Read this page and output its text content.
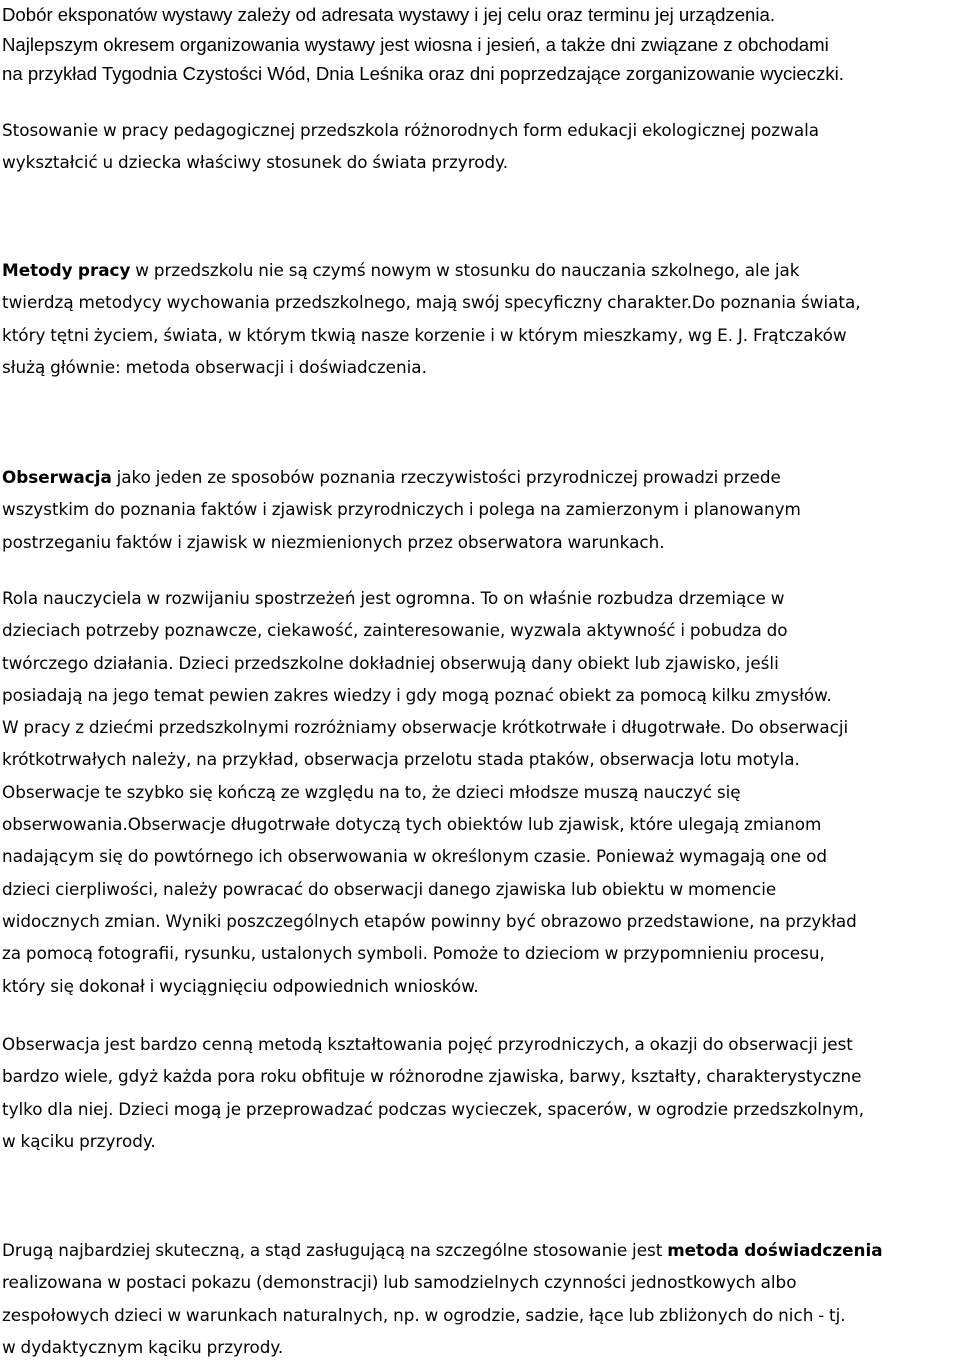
Dobór eksponatów wystawy zależy od adresata wystawy i jej celu oraz terminu jej urządzenia.
Najlepszym okresem organizowania wystawy jest wiosna i jesień, a także dni związane z obchodami
na przykład Tygodnia Czystości Wód, Dnia Leśnika oraz dni poprzedzające zorganizowanie wycieczki.

Stosowanie w pracy pedagogicznej przedszkola różnorodnych form edukacji ekologicznej pozwala
wykształcić u dziecka właściwy stosunek do świata przyrody.

Metody pracy w przedszkolu nie są czymś nowym w stosunku do nauczania szkolnego, ale jak
twierdzą metodycy wychowania przedszkolnego, mają swój specyficzny charakter.Do poznania świata,
który tętni życiem, świata, w którym tkwią nasze korzenie i w którym mieszkamy, wg E. J. Frątczaków
służą głównie: metoda obserwacji i doświadczenia.

Obserwacja jako jeden ze sposobów poznania rzeczywistości przyrodniczej prowadzi przede
wszystkim do poznania faktów i zjawisk przyrodniczych i polega na zamierzonym i planowanym
postrzeganiu faktów i zjawisk w niezmienionych przez obserwatora warunkach.

Rola nauczyciela w rozwijaniu spostrzeżeń jest ogromna. To on właśnie rozbudza drzemiące w
dzieciach potrzeby poznawcze, ciekawość, zainteresowanie, wyzwala aktywność i pobudza do
twórczego działania. Dzieci przedszkolne dokładniej obserwują dany obiekt lub zjawisko, jeśli
posiadają na jego temat pewien zakres wiedzy i gdy mogą poznać obiekt za pomocą kilku zmysłów.
W pracy z dziećmi przedszkolnymi rozróżniamy obserwacje krótkotrwałe i długotrwałe. Do obserwacji
krótkotrwałych należy, na przykład, obserwacja przelotu stada ptaków, obserwacja lotu motyla.
Obserwacje te szybko się kończą ze względu na to, że dzieci młodsze muszą nauczyć się
obserwowania.Obserwacje długotrwałe dotyczą tych obiektów lub zjawisk, które ulegają zmianom
nadającym się do powtórnego ich obserwowania w określonym czasie. Ponieważ wymagają one od
dzieci cierpliwości, należy powracać do obserwacji danego zjawiska lub obiektu w momencie
widocznych zmian. Wyniki poszczególnych etapów powinny być obrazowo przedstawione, na przykład
za pomocą fotografii, rysunku, ustalonych symboli. Pomoże to dzieciom w przypomnieniu procesu,
który się dokonał i wyciągnięciu odpowiednich wniosków.

Obserwacja jest bardzo cenną metodą kształtowania pojęć przyrodniczych, a okazji do obserwacji jest
bardzo wiele, gdyż każda pora roku obfituje w różnorodne zjawiska, barwy, kształty, charakterystyczne
tylko dla niej. Dzieci mogą je przeprowadzać podczas wycieczek, spacerów, w ogrodzie przedszkolnym,
w kąciku przyrody.

Drugą najbardziej skuteczną, a stąd zasługującą na szczególne stosowanie jest metoda doświadczenia
realizowana w postaci pokazu (demonstracji) lub samodzielnych czynności jednostkowych albo
zespołowych dzieci w warunkach naturalnych, np. w ogrodzie, sadzie, łące lub zbliżonych do nich - tj.
w dydaktycznym kąciku przyrody.
